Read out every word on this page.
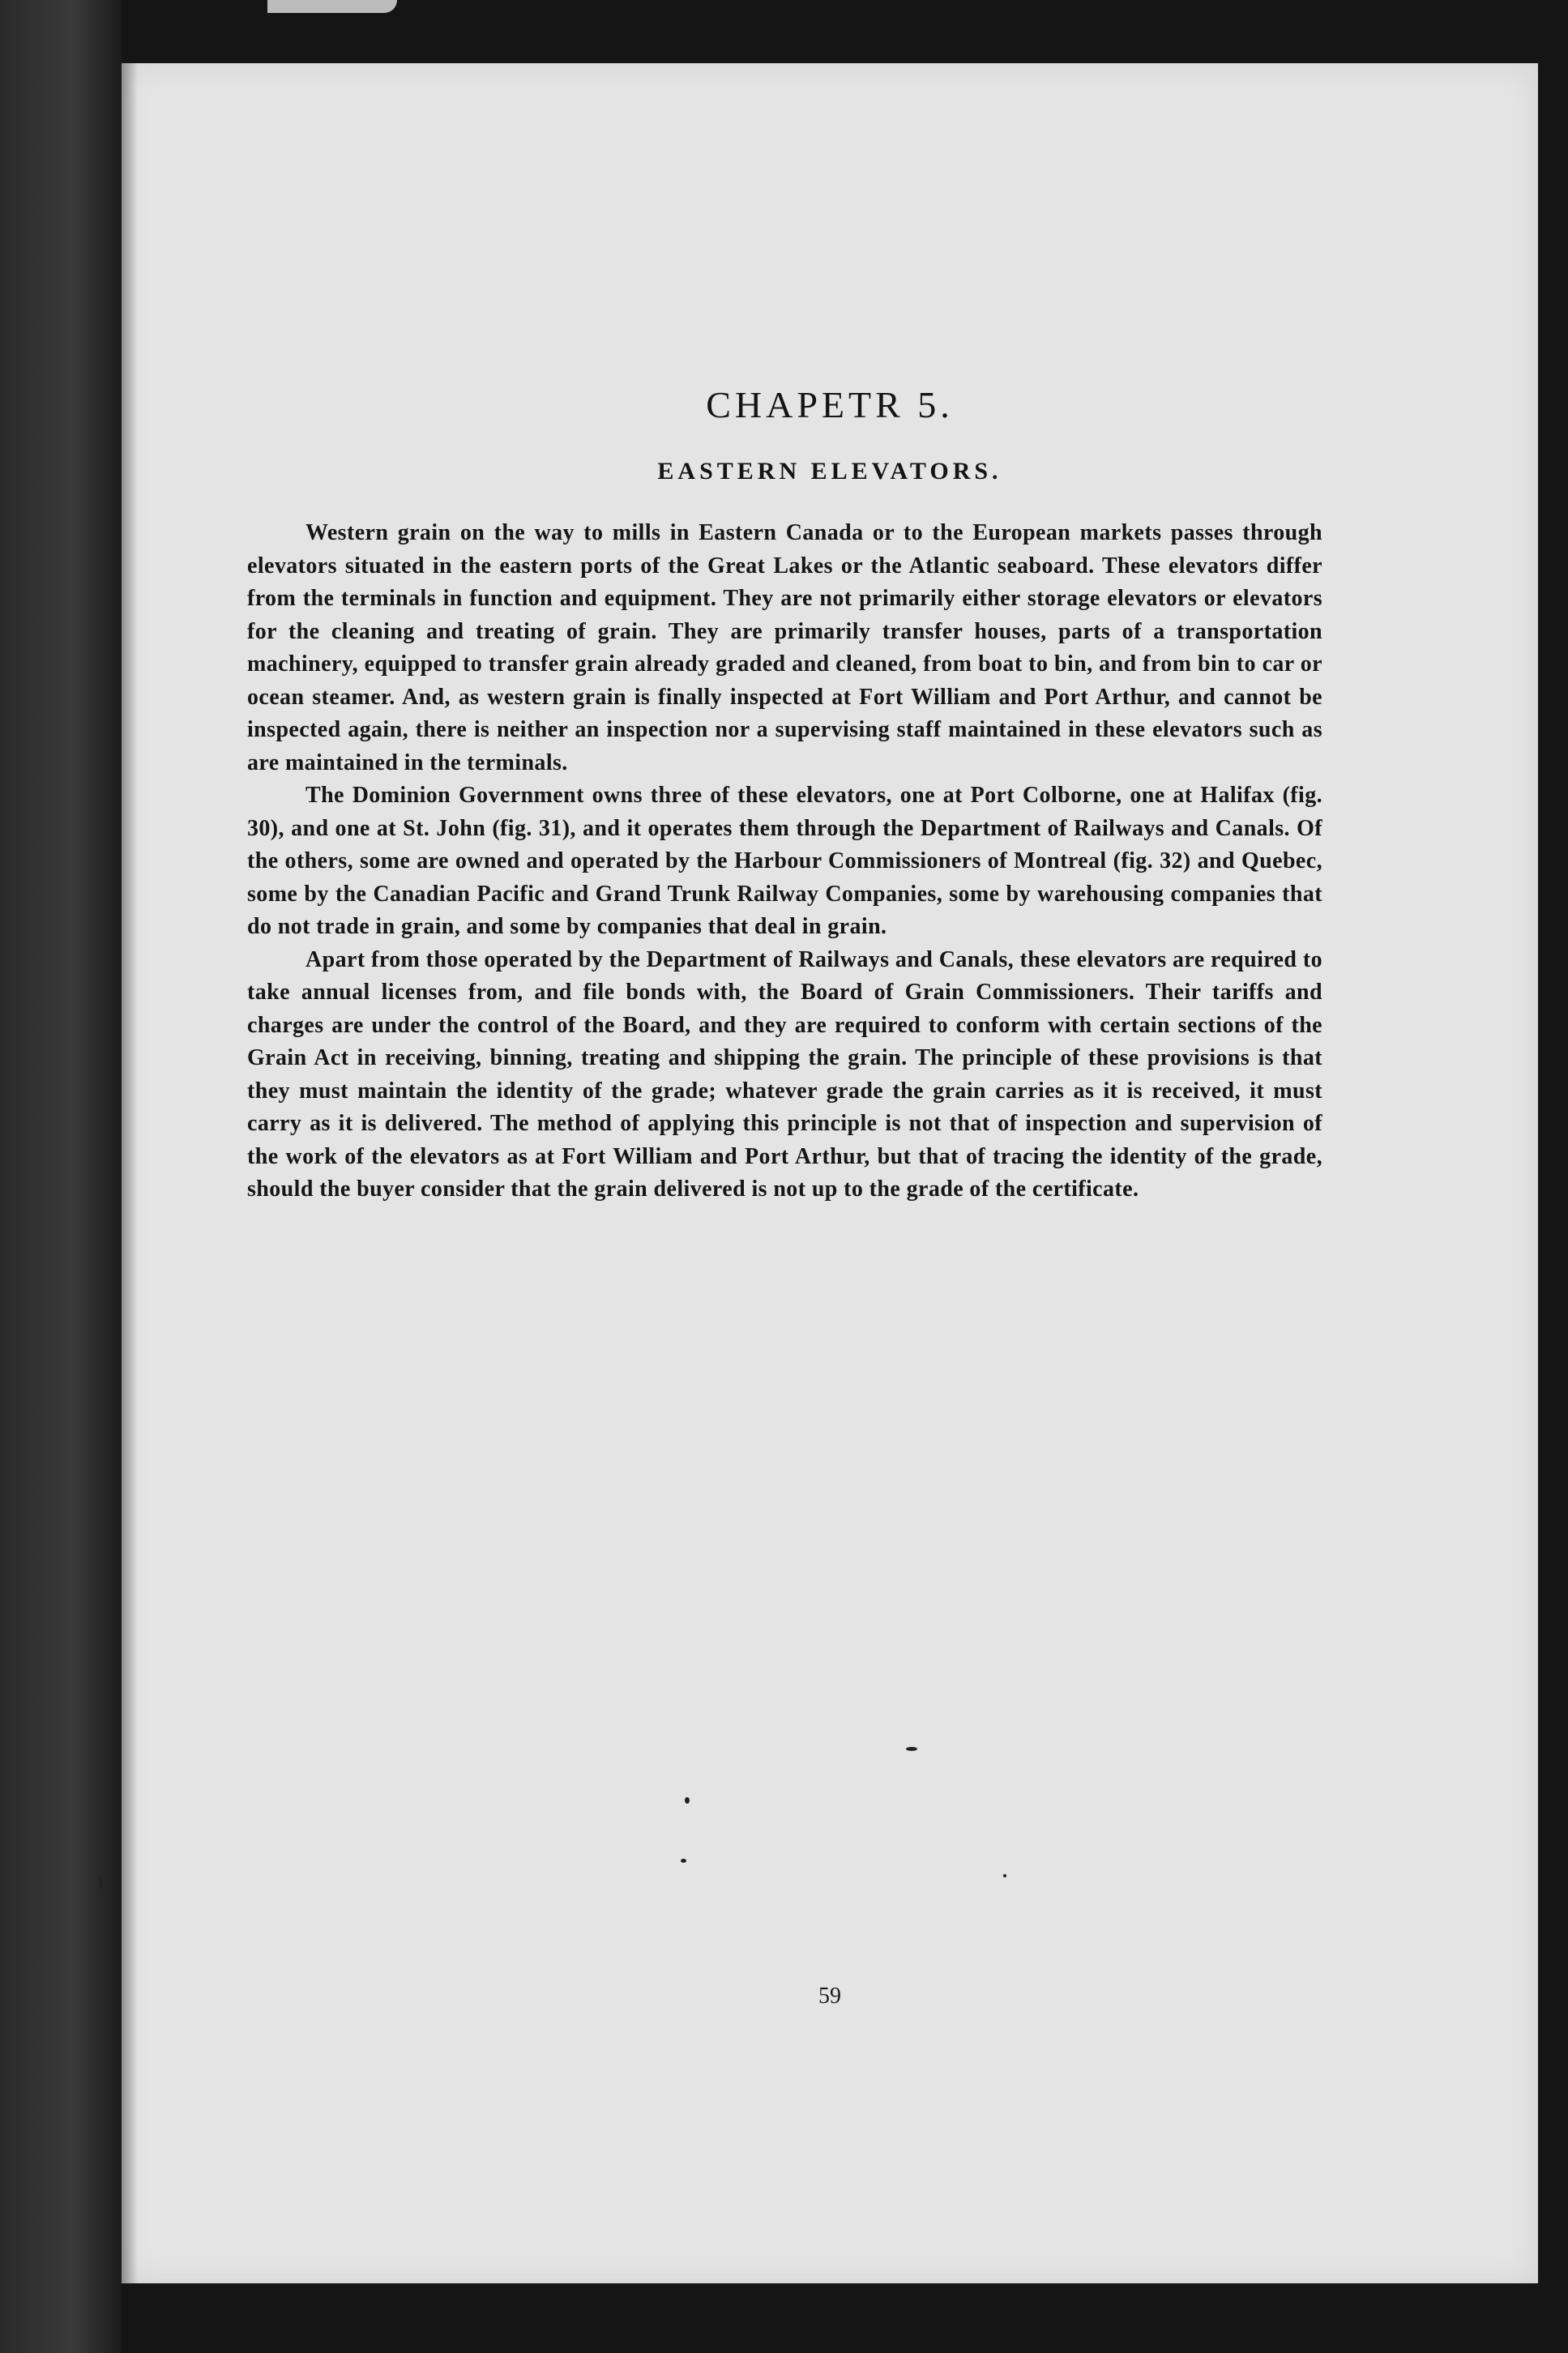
CHAPETR 5.
EASTERN ELEVATORS.

Western grain on the way to mills in Eastern Canada or to the European markets passes through elevators situated in the eastern ports of the Great Lakes or the Atlantic seaboard. These elevators differ from the terminals in function and equipment. They are not primarily either storage elevators or elevators for the cleaning and treating of grain. They are primarily transfer houses, parts of a transportation machinery, equipped to transfer grain already graded and cleaned, from boat to bin, and from bin to car or ocean steamer. And, as western grain is finally inspected at Fort William and Port Arthur, and cannot be inspected again, there is neither an inspection nor a supervising staff maintained in these elevators such as are maintained in the terminals.

The Dominion Government owns three of these elevators, one at Port Colborne, one at Halifax (fig. 30), and one at St. John (fig. 31), and it operates them through the Department of Railways and Canals. Of the others, some are owned and operated by the Harbour Commissioners of Montreal (fig. 32) and Quebec, some by the Canadian Pacific and Grand Trunk Railway Companies, some by warehousing companies that do not trade in grain, and some by companies that deal in grain.

Apart from those operated by the Department of Railways and Canals, these elevators are required to take annual licenses from, and file bonds with, the Board of Grain Commissioners. Their tariffs and charges are under the control of the Board, and they are required to conform with certain sections of the Grain Act in receiving, binning, treating and shipping the grain. The principle of these provisions is that they must maintain the identity of the grade; whatever grade the grain carries as it is received, it must carry as it is delivered. The method of applying this principle is not that of inspection and supervision of the work of the elevators as at Fort William and Port Arthur, but that of tracing the identity of the grade, should the buyer consider that the grain delivered is not up to the grade of the certificate.

59
